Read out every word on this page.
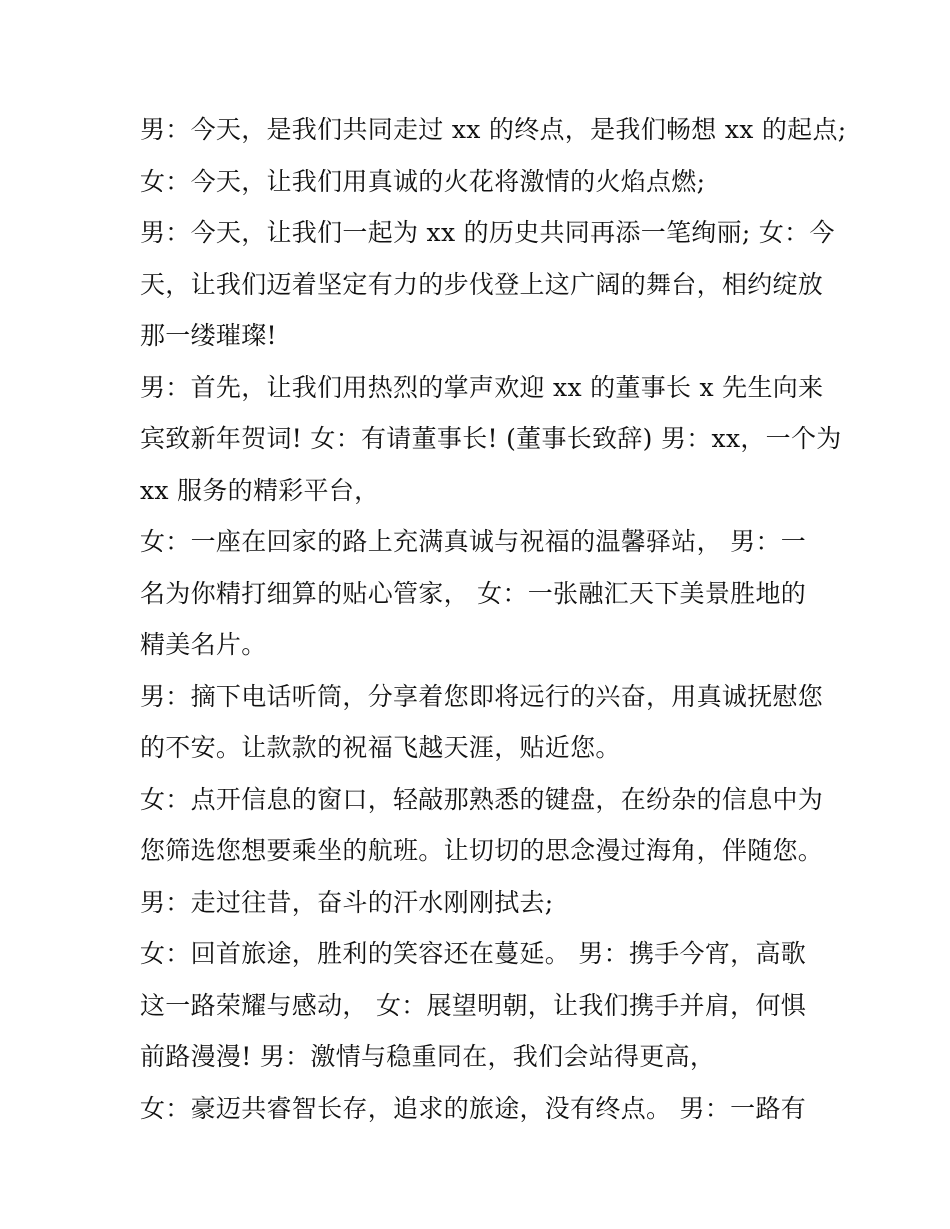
男：今天，是我们共同走过 xx 的终点，是我们畅想 xx 的起点;
女：今天，让我们用真诚的火花将激情的火焰点燃;
男：今天，让我们一起为 xx 的历史共同再添一笔绚丽; 女：今
天，让我们迈着坚定有力的步伐登上这广阔的舞台，相约绽放
那一缕璀璨!
男：首先，让我们用热烈的掌声欢迎 xx 的董事长 x 先生向来
宾致新年贺词! 女：有请董事长! (董事长致辞) 男：xx，一个为
xx 服务的精彩平台，
女：一座在回家的路上充满真诚与祝福的温馨驿站， 男：一
名为你精打细算的贴心管家， 女：一张融汇天下美景胜地的
精美名片。
男：摘下电话听筒，分享着您即将远行的兴奋，用真诚抚慰您
的不安。让款款的祝福飞越天涯，贴近您。
女：点开信息的窗口，轻敲那熟悉的键盘，在纷杂的信息中为
您筛选您想要乘坐的航班。让切切的思念漫过海角，伴随您。
男：走过往昔，奋斗的汗水刚刚拭去;
女：回首旅途，胜利的笑容还在蔓延。 男：携手今宵，高歌
这一路荣耀与感动， 女：展望明朝，让我们携手并肩，何惧
前路漫漫! 男：激情与稳重同在，我们会站得更高，
女：豪迈共睿智长存，追求的旅途，没有终点。 男：一路有
